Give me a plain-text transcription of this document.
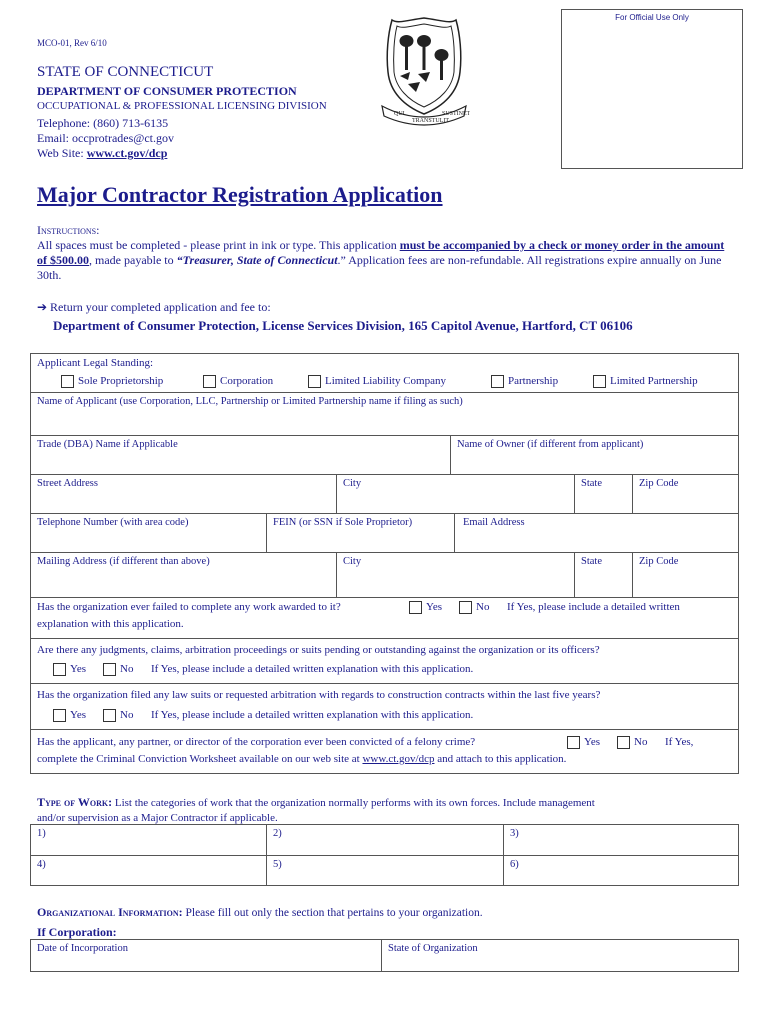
For Official Use Only
MCO-01, Rev 6/10
QUI
TRANSTULIT
SUSTINET
STATE OF CONNECTICUT
DEPARTMENT OF CONSUMER PROTECTION
OCCUPATIONAL & PROFESSIONAL LICENSING DIVISION
Telephone: (860) 713-6135
Email: occprotrades@ct.gov
Web Site: www.ct.gov/dcp
Major Contractor Registration Application
Instructions:
All spaces must be completed - please print in ink or type. This application must be accompanied by a check or money order in the amount of $500.00, made payable to “Treasurer, State of Connecticut.” Application fees are non-refundable. All registrations expire annually on June 30th.
➔ Return your completed application and fee to:
Department of Consumer Protection, License Services Division, 165 Capitol Avenue, Hartford, CT 06106
Applicant Legal Standing:
Sole Proprietorship	Corporation	Limited Liability Company	Partnership	Limited Partnership
Name of Applicant (use Corporation, LLC, Partnership or Limited Partnership name if filing as such)
Trade (DBA) Name if Applicable	Name of Owner (if different from applicant)
Street Address	City	State	Zip Code
Telephone Number (with area code)	FEIN (or SSN if Sole Proprietor)	Email Address
Mailing Address (if different than above)	City	State	Zip Code
Has the organization ever failed to complete any work awarded to it?	Yes	No If Yes, please include a detailed written
explanation with this application.
Are there any judgments, claims, arbitration proceedings or suits pending or outstanding against the organization or its officers?
Yes	No If Yes, please include a detailed written explanation with this application.
Has the organization filed any law suits or requested arbitration with regards to construction contracts within the last five years?
Yes	No If Yes, please include a detailed written explanation with this application.
Has the applicant, any partner, or director of the corporation ever been convicted of a felony crime?	Yes	No If Yes,
complete the Criminal Conviction Worksheet available on our web site at www.ct.gov/dcp and attach to this application.
Type of Work: List the categories of work that the organization normally performs with its own forces. Include management
and/or supervision as a Major Contractor if applicable.
1)	2)	3)
4)	5)	6)
Organizational Information: Please fill out only the section that pertains to your organization.
If Corporation:
Date of Incorporation	State of Organization
